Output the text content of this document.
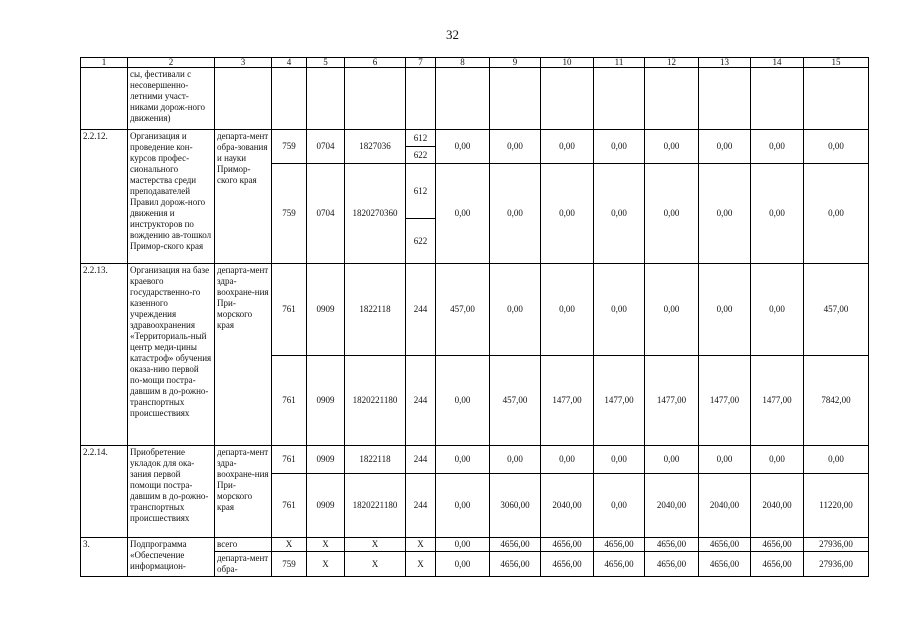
32
1	2	3	4	5	6	7	8	9	10	11	12	13	14	15
	сы, фестивали с несовершенно-летними участ-никами дорож-ного движения)													
2.2.12.	Организация и проведение кон-курсов профес-сионального мастерства среди преподавателей Правил дорож-ного движения и инструкторов по вождению ав-тошкол Примор-ского края	департа-мент обра-зования и науки Примор-ского края	759	0704	1827036	612	0,00	0,00	0,00	0,00	0,00	0,00	0,00	0,00
						622								
			759	0704	1820270360	612	0,00	0,00	0,00	0,00	0,00	0,00	0,00	0,00
						622								
2.2.13.	Организация на базе краевого государственно-го казенного учреждения здравоохранения «Территориаль-ный центр меди-цины катастроф» обучения оказа-нию первой по-мощи постра-давшим в до-рожно-транспортных происшествиях	департа-мент здра-воохране-ния При-морского края	761	0909	1822118	244	457,00	0,00	0,00	0,00	0,00	0,00	0,00	457,00
			761	0909	1820221180	244	0,00	457,00	1477,00	1477,00	1477,00	1477,00	1477,00	7842,00
2.2.14.	Приобретение укладок для ока-зания первой помощи постра-давшим в до-рожно-транспортных происшествиях	департа-мент здра-воохране-ния При-морского края	761	0909	1822118	244	0,00	0,00	0,00	0,00	0,00	0,00	0,00	0,00
			761	0909	1820221180	244	0,00	3060,00	2040,00	0,00	2040,00	2040,00	2040,00	11220,00
3.	Подпрограмма «Обеспечение информацион-	всего	X	X	X	X	0,00	4656,00	4656,00	4656,00	4656,00	4656,00	4656,00	27936,00
		департа-мент обра-	759	X	X	X	0,00	4656,00	4656,00	4656,00	4656,00	4656,00	4656,00	27936,00
